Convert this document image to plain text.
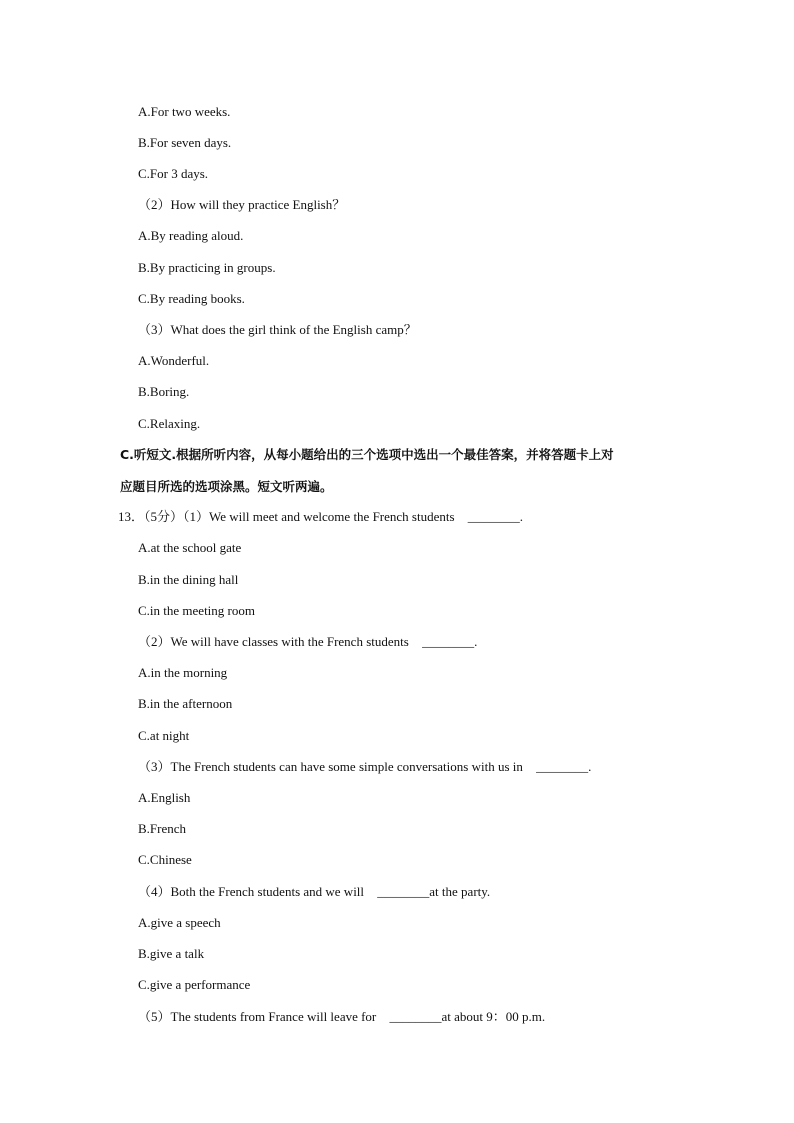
A.For two weeks.
B.For seven days.
C.For 3 days.
（2）How will they practice English？
A.By reading aloud.
B.By practicing in groups.
C.By reading books.
（3）What does the girl think of the English camp？
A.Wonderful.
B.Boring.
C.Relaxing.
C.听短文.根据所听内容，从每小题给出的三个选项中选出一个最佳答案，并将答题卡上对
应题目所选的选项涂黑。短文听两遍。
13．（5分）（1）We will meet and welcome the French students ________.
A.at the school gate
B.in the dining hall
C.in the meeting room
（2）We will have classes with the French students ________.
A.in the morning
B.in the afternoon
C.at night
（3）The French students can have some simple conversations with us in ________.
A.English
B.French
C.Chinese
（4）Both the French students and we will ________at the party.
A.give a speech
B.give a talk
C.give a performance
（5）The students from France will leave for ________at about 9：00 p.m.
